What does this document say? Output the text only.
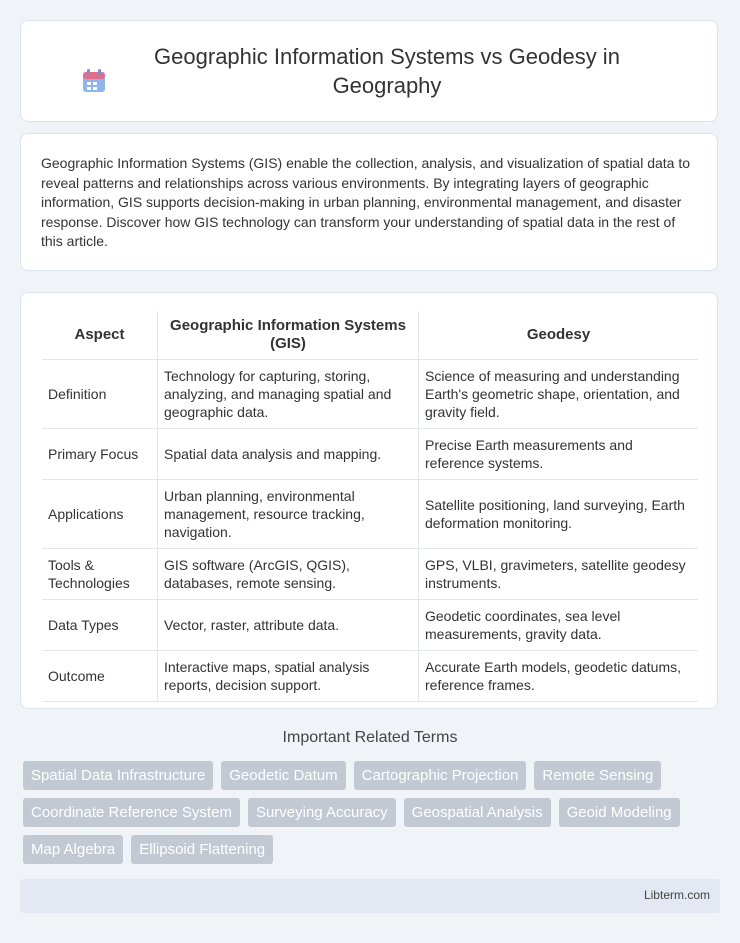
Geographic Information Systems vs Geodesy in Geography

Geographic Information Systems (GIS) enable the collection, analysis, and visualization of spatial data to reveal patterns and relationships across various environments. By integrating layers of geographic information, GIS supports decision-making in urban planning, environmental management, and disaster response. Discover how GIS technology can transform your understanding of spatial data in the rest of this article.

Aspect	Geographic Information Systems (GIS)	Geodesy
Definition	Technology for capturing, storing, analyzing, and managing spatial and geographic data.	Science of measuring and understanding Earth's geometric shape, orientation, and gravity field.
Primary Focus	Spatial data analysis and mapping.	Precise Earth measurements and reference systems.
Applications	Urban planning, environmental management, resource tracking, navigation.	Satellite positioning, land surveying, Earth deformation monitoring.
Tools & Technologies	GIS software (ArcGIS, QGIS), databases, remote sensing.	GPS, VLBI, gravimeters, satellite geodesy instruments.
Data Types	Vector, raster, attribute data.	Geodetic coordinates, sea level measurements, gravity data.
Outcome	Interactive maps, spatial analysis reports, decision support.	Accurate Earth models, geodetic datums, reference frames.
Important Related Terms
Spatial Data Infrastructure	Geodetic Datum	Cartographic Projection	Remote Sensing
Coordinate Reference System	Surveying Accuracy	Geospatial Analysis	Geoid Modeling
Map Algebra	Ellipsoid Flattening
Libterm.com
